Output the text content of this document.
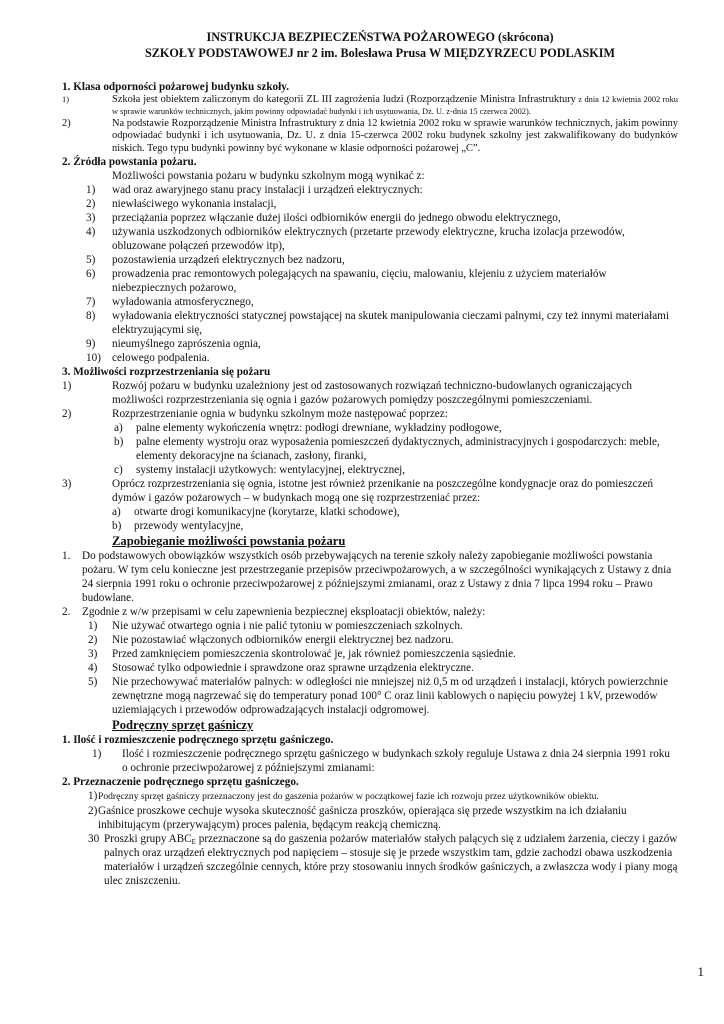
INSTRUKCJA BEZPIECZEŃSTWA POŻAROWEGO (skrócona)
SZKOŁY PODSTAWOWEJ nr 2 im. Bolesława Prusa W MIĘDZYRZECU PODLASKIM
1. Klasa odporności pożarowej budynku szkoły.
1)	Szkoła jest obiektem zaliczonym do kategorii ZL III zagrożenia ludzi (Rozporządzenie Ministra Infrastruktury z dnia 12 kwietnia 2002 roku w sprawie warunków technicznych, jakim powinny odpowiadać budynki i ich usytuowania, Dz. U. z-dnia 15 czerwca 2002).
2)	Na podstawie Rozporządzenie Ministra Infrastruktury z dnia 12 kwietnia 2002 roku w sprawie warunków technicznych, jakim powinny odpowiadać budynki i ich usytuowania, Dz. U. z dnia 15-czerwca 2002 roku budynek szkolny jest zakwalifikowany do budynków niskich. Tego typu budynki powinny być wykonane w klasie odporności pożarowej „C”.
2. Źródła powstania pożaru.
Możliwości powstania pożaru w budynku szkolnym mogą wynikać z:
1) wad oraz awaryjnego stanu pracy instalacji i urządzeń elektrycznych:
2) niewłaściwego wykonania instalacji,
3) przeciążania poprzez włączanie dużej ilości odbiorników energii do jednego obwodu elektrycznego,
4) używania uszkodzonych odbiorników elektrycznych (przetarte przewody elektryczne, krucha izolacja przewodów, obluzowane połączeń przewodów itp),
5) pozostawienia urządzeń elektrycznych bez nadzoru,
6) prowadzenia prac remontowych polegających na spawaniu, cięciu, malowaniu, klejeniu z użyciem materiałów niebezpiecznych pożarowo,
7) wyładowania atmosferycznego,
8) wyładowania elektryczności statycznej powstającej na skutek manipulowania cieczami palnymi, czy też innymi materiałami elektryzującymi się,
9) nieumyślnego zaprószenia ognia,
10) celowego podpalenia.
3. Możliwości rozprzestrzeniania się pożaru
1)	Rozwój pożaru w budynku uzależniony jest od zastosowanych rozwiązań techniczno-budowlanych ograniczających możliwości rozprzestrzeniania się ognia i gazów pożarowych pomiędzy poszczególnymi pomieszczeniami.
2)	Rozprzestrzenianie ognia w budynku szkolnym może następować poprzez:
a) palne elementy wykończenia wnętrz: podłogi drewniane, wykładziny podłogowe,
b) palne elementy wystroju oraz wyposażenia pomieszczeń dydaktycznych, administracyjnych i gospodarczych: meble, elementy dekoracyjne na ścianach, zasłony, firanki,
c) systemy instalacji użytkowych: wentylacyjnej, elektrycznej,
3)	Oprócz rozprzestrzeniania się ognia, istotne jest również przenikanie na poszczególne kondygnacje oraz do pomieszczeń dymów i gazów pożarowych – w budynkach mogą one się rozprzestrzeniać przez:
a) otwarte drogi komunikacyjne (korytarze, klatki schodowe),
b) przewody wentylacyjne,
Zapobieganie możliwości powstania pożaru
1. Do podstawowych obowiązków wszystkich osób przebywających na terenie szkoły należy zapobieganie możliwości powstania pożaru. W tym celu konieczne jest przestrzeganie przepisów przeciwpożarowych, a w szczególności wynikających z Ustawy z dnia 24 sierpnia 1991 roku o ochronie przeciwpożarowej z późniejszymi zmianami, oraz z Ustawy z dnia 7 lipca 1994 roku – Prawo budowlane.
2. Zgodnie z w/w przepisami w celu zapewnienia bezpiecznej eksploatacji obiektów, należy:
1) Nie używać otwartego ognia i nie palić tytoniu w pomieszczeniach szkolnych.
2) Nie pozostawiać włączonych odbiorników energii elektrycznej bez nadzoru.
3) Przed zamknięciem pomieszczenia skontrolować je, jak również pomieszczenia sąsiednie.
4) Stosować tylko odpowiednie i sprawdzone oraz sprawne urządzenia elektryczne.
5) Nie przechowywać materiałów palnych: w odległości nie mniejszej niż 0,5 m od urządzeń i instalacji, których powierzchnie zewnętrzne mogą nagrzewać się do temperatury ponad 100° C oraz linii kablowych o napięciu powyżej 1 kV, przewodów uziemiających i przewodów odprowadzających instalacji odgromowej.
Podręczny sprzęt gaśniczy
1. Ilość i rozmieszczenie podręcznego sprzętu gaśniczego.
1) Ilość i rozmieszczenie podręcznego sprzętu gaśniczego w budynkach szkoły reguluje Ustawa z dnia 24 sierpnia 1991 roku o ochronie przeciwpożarowej z późniejszymi zmianami:
2. Przeznaczenie podręcznego sprzętu gaśniczego.
1) Podręczny sprzęt gaśniczy przeznaczony jest do gaszenia pożarów w początkowej fazie ich rozwoju przez użytkowników obiektu.
2) Gaśnice proszkowe cechuje wysoka skuteczność gaśnicza proszków, opierająca się przede wszystkim na ich działaniu inhibitującym (przerywającym) proces palenia, będącym reakcją chemiczną.
30 Proszki grupy $ABC_E$ przeznaczone są do gaszenia pożarów materiałów stałych palących się z udziałem żarzenia, cieczy i gazów palnych oraz urządzeń elektrycznych pod napięciem – stosuje się je przede wszystkim tam, gdzie zachodzi obawa uszkodzenia materiałów i urządzeń szczególnie cennych, które przy stosowaniu innych środków gaśniczych, a zwłaszcza wody i piany mogą ulec zniszczeniu.
1
